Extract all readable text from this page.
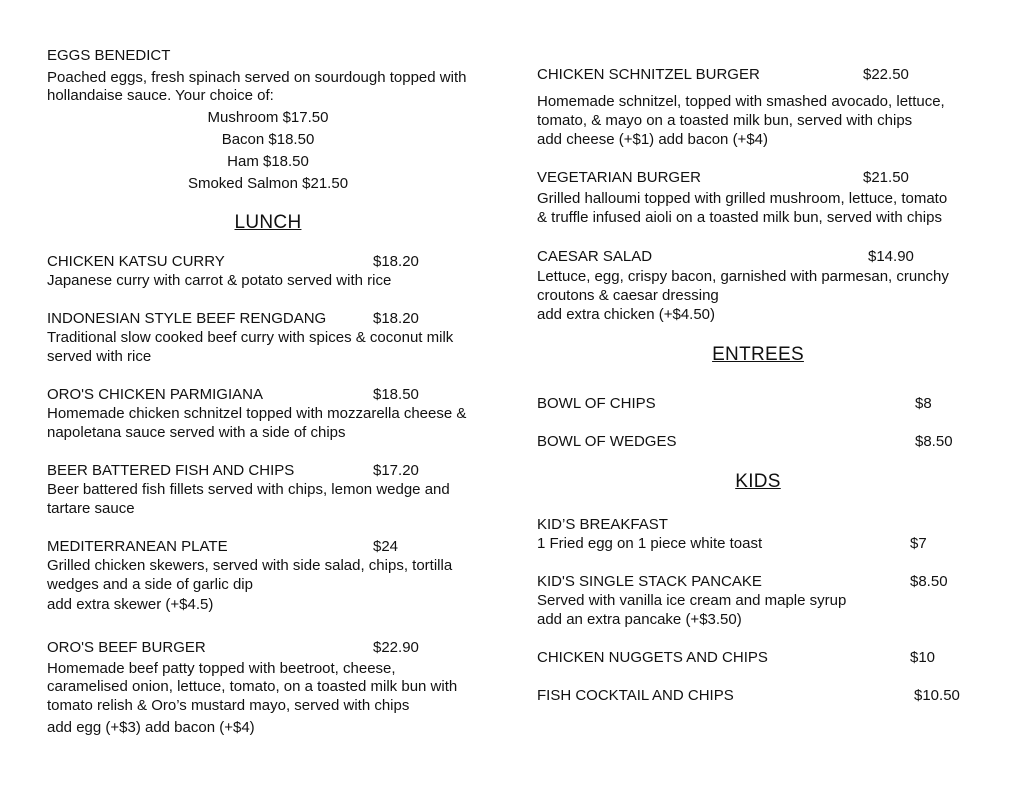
EGGS BENEDICT
Poached eggs, fresh spinach served on sourdough topped with
hollandaise sauce. Your choice of:
Mushroom $17.50
Bacon $18.50
Ham $18.50
Smoked Salmon $21.50
LUNCH
CHICKEN KATSU CURRY	$18.20
Japanese curry with carrot & potato served with rice
INDONESIAN STYLE BEEF RENGDANG	$18.20
Traditional slow cooked beef curry with spices & coconut milk
served with rice
ORO'S CHICKEN PARMIGIANA	$18.50
Homemade chicken schnitzel topped with mozzarella cheese &
napoletana sauce served with a side of chips
BEER BATTERED FISH AND CHIPS	$17.20
Beer battered fish fillets served with chips, lemon wedge and
tartare sauce
MEDITERRANEAN PLATE	$24
Grilled chicken skewers, served with side salad, chips, tortilla
wedges and a side of garlic dip
add extra skewer (+$4.5)
ORO'S BEEF BURGER	$22.90
Homemade beef patty topped with beetroot, cheese,
caramelised onion, lettuce, tomato, on a toasted milk bun with
tomato relish & Oro’s mustard mayo, served with chips
add egg (+$3) add bacon (+$4)
CHICKEN SCHNITZEL BURGER	$22.50
Homemade schnitzel, topped with smashed avocado, lettuce,
tomato, & mayo on a toasted milk bun, served with chips
add cheese (+$1) add bacon (+$4)
VEGETARIAN BURGER	$21.50
Grilled halloumi topped with grilled mushroom, lettuce, tomato
& truffle infused aioli on a toasted milk bun, served with chips
CAESAR SALAD	$14.90
Lettuce, egg, crispy bacon, garnished with parmesan, crunchy
croutons & caesar dressing
add extra chicken (+$4.50)
ENTREES
BOWL OF CHIPS	$8
BOWL OF WEDGES	$8.50
KIDS
KID’S BREAKFAST
1 Fried egg on 1 piece white toast	$7
KID'S SINGLE STACK PANCAKE	$8.50
Served with vanilla ice cream and maple syrup
add an extra pancake (+$3.50)
CHICKEN NUGGETS AND CHIPS	$10
FISH COCKTAIL AND CHIPS	$10.50
